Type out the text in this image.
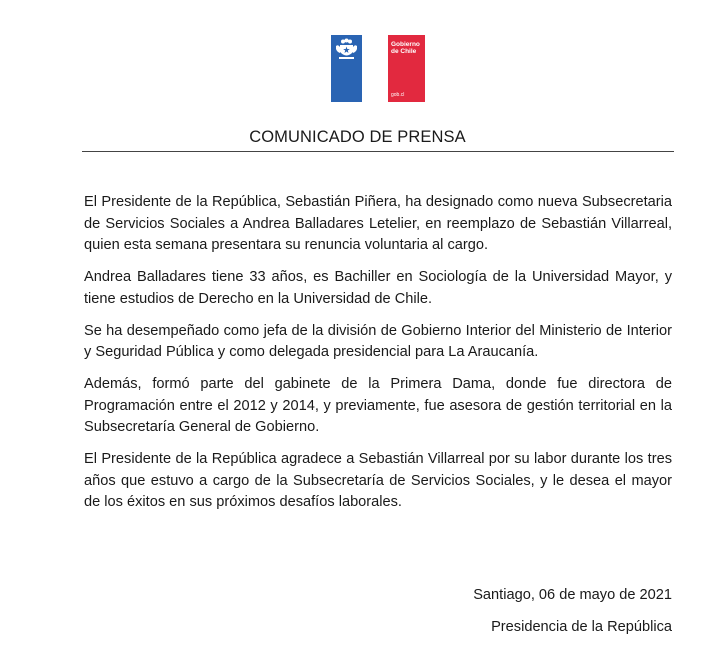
Gobierno
de Chile
gob.cl
COMUNICADO DE PRENSA

El Presidente de la República, Sebastián Piñera, ha designado como nueva Subsecretaria de Servicios Sociales a Andrea Balladares Letelier, en reemplazo de Sebastián Villarreal, quien esta semana presentara su renuncia voluntaria al cargo.

Andrea Balladares tiene 33 años, es Bachiller en Sociología de la Universidad Mayor, y tiene estudios de Derecho en la Universidad de Chile.

Se ha desempeñado como jefa de la división de Gobierno Interior del Ministerio de Interior y Seguridad Pública y como delegada presidencial para La Araucanía.

Además, formó parte del gabinete de la Primera Dama, donde fue directora de Programación entre el 2012 y 2014, y previamente, fue asesora de gestión territorial en la Subsecretaría General de Gobierno.

El Presidente de la República agradece a Sebastián Villarreal por su labor durante los tres años que estuvo a cargo de la Subsecretaría de Servicios Sociales, y le desea el mayor de los éxitos en sus próximos desafíos laborales.

Santiago, 06 de mayo de 2021
Presidencia de la República
